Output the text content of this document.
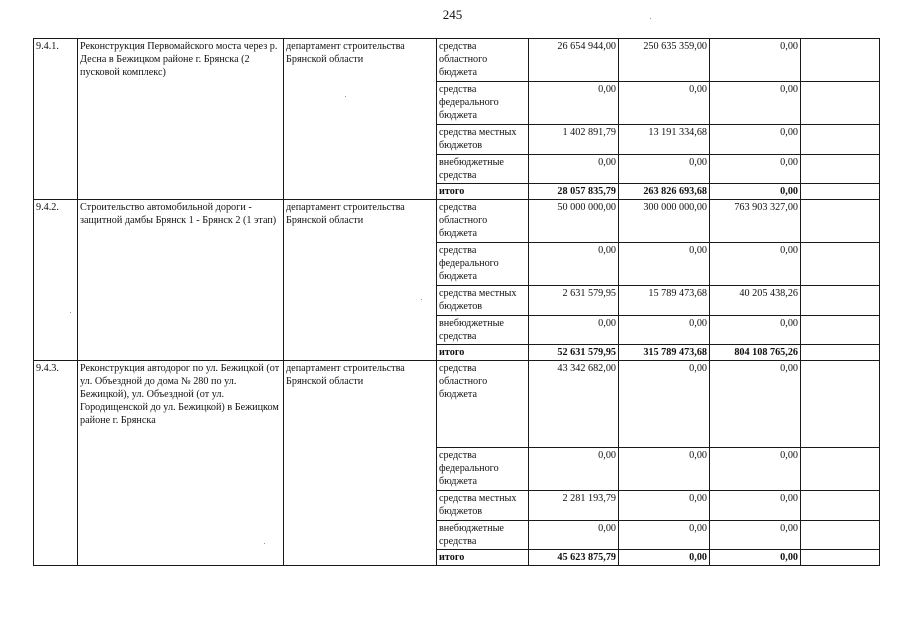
245
9.4.1.	Реконструкция Первомайского моста через р. Десна в Бежицком районе г. Брянска (2 пусковой комплекс)	департамент строительства Брянской области	средства областного бюджета	26 654 944,00	250 635 359,00	0,00	
			средства федерального бюджета	0,00	0,00	0,00	
			средства местных бюджетов	1 402 891,79	13 191 334,68	0,00	
			внебюджетные средства	0,00	0,00	0,00	
			итого	28 057 835,79	263 826 693,68	0,00	
9.4.2.	Строительство автомобильной дороги - защитной дамбы Брянск 1 - Брянск 2 (1 этап)	департамент строительства Брянской области	средства областного бюджета	50 000 000,00	300 000 000,00	763 903 327,00	
			средства федерального бюджета	0,00	0,00	0,00	
			средства местных бюджетов	2 631 579,95	15 789 473,68	40 205 438,26	
			внебюджетные средства	0,00	0,00	0,00	
			итого	52 631 579,95	315 789 473,68	804 108 765,26	
9.4.3.	Реконструкция автодорог по ул. Бежицкой (от ул. Объездной до дома № 280 по ул. Бежицкой), ул. Объездной (от ул. Городищенской до ул. Бежицкой) в Бежицком районе г. Брянска	департамент строительства Брянской области	средства областного бюджета	43 342 682,00	0,00	0,00	
			средства федерального бюджета	0,00	0,00	0,00	
			средства местных бюджетов	2 281 193,79	0,00	0,00	
			внебюджетные средства	0,00	0,00	0,00	
			итого	45 623 875,79	0,00	0,00	
